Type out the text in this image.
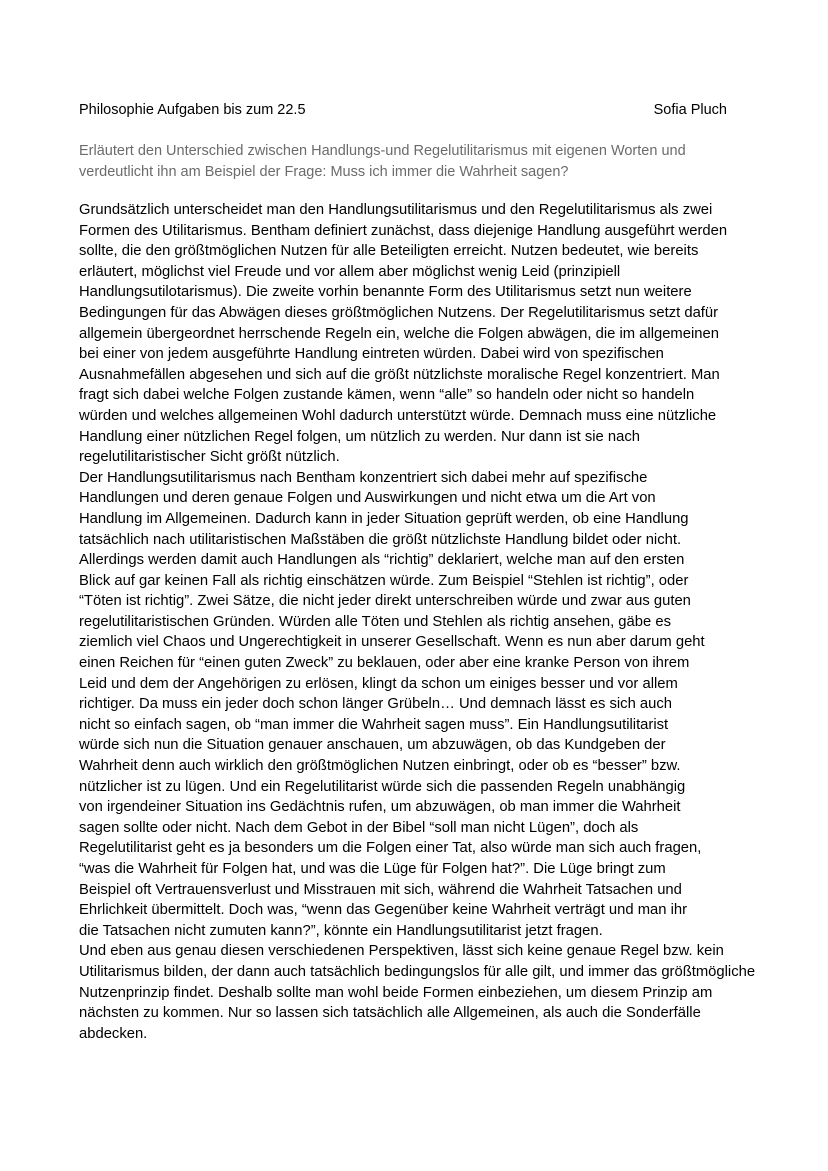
Philosophie Aufgaben bis zum 22.5	Sofia Pluch
Erläutert den Unterschied zwischen Handlungs-und Regelutilitarismus mit eigenen Worten und
verdeutlicht ihn am Beispiel der Frage: Muss ich immer die Wahrheit sagen?
Grundsätzlich unterscheidet man den Handlungsutilitarismus und den Regelutilitarismus als zwei
Formen des Utilitarismus. Bentham definiert zunächst, dass diejenige Handlung ausgeführt werden
sollte, die den größtmöglichen Nutzen für alle Beteiligten erreicht. Nutzen bedeutet, wie bereits
erläutert, möglichst viel Freude und vor allem aber möglichst wenig Leid (prinzipiell
Handlungsutilotarismus). Die zweite vorhin benannte Form des Utilitarismus setzt nun weitere
Bedingungen für das Abwägen dieses größtmöglichen Nutzens. Der Regelutilitarismus setzt dafür
allgemein übergeordnet herrschende Regeln ein, welche die Folgen abwägen, die im allgemeinen
bei einer von jedem ausgeführte Handlung eintreten würden. Dabei wird von spezifischen
Ausnahmefällen abgesehen und sich auf die größt nützlichste moralische Regel konzentriert. Man
fragt sich dabei welche Folgen zustande kämen, wenn “alle” so handeln oder nicht so handeln
würden und welches allgemeinen Wohl dadurch unterstützt würde. Demnach muss eine nützliche
Handlung einer nützlichen Regel folgen, um nützlich zu werden. Nur dann ist sie nach
regelutilitaristischer Sicht größt nützlich.
Der Handlungsutilitarismus nach Bentham konzentriert sich dabei mehr auf spezifische
Handlungen und deren genaue Folgen und Auswirkungen und nicht etwa um die Art von
Handlung im Allgemeinen. Dadurch kann in jeder Situation geprüft werden, ob eine Handlung
tatsächlich nach utilitaristischen Maßstäben die größt nützlichste Handlung bildet oder nicht.
Allerdings werden damit auch Handlungen als “richtig” deklariert, welche man auf den ersten
Blick auf gar keinen Fall als richtig einschätzen würde. Zum Beispiel “Stehlen ist richtig”, oder
“Töten ist richtig”. Zwei Sätze, die nicht jeder direkt unterschreiben würde und zwar aus guten
regelutilitaristischen Gründen. Würden alle Töten und Stehlen als richtig ansehen, gäbe es
ziemlich viel Chaos und Ungerechtigkeit in unserer Gesellschaft. Wenn es nun aber darum geht
einen Reichen für “einen guten Zweck” zu beklauen, oder aber eine kranke Person von ihrem
Leid und dem der Angehörigen zu erlösen, klingt da schon um einiges besser und vor allem
richtiger. Da muss ein jeder doch schon länger Grübeln… Und demnach lässt es sich auch
nicht so einfach sagen, ob “man immer die Wahrheit sagen muss”. Ein Handlungsutilitarist
würde sich nun die Situation genauer anschauen, um abzuwägen, ob das Kundgeben der
Wahrheit denn auch wirklich den größtmöglichen Nutzen einbringt, oder ob es “besser” bzw.
nützlicher ist zu lügen. Und ein Regelutilitarist würde sich die passenden Regeln unabhängig
von irgendeiner Situation ins Gedächtnis rufen, um abzuwägen, ob man immer die Wahrheit
sagen sollte oder nicht. Nach dem Gebot in der Bibel “soll man nicht Lügen”, doch als
Regelutilitarist geht es ja besonders um die Folgen einer Tat, also würde man sich auch fragen,
“was die Wahrheit für Folgen hat, und was die Lüge für Folgen hat?”. Die Lüge bringt zum
Beispiel oft Vertrauensverlust und Misstrauen mit sich, während die Wahrheit Tatsachen und
Ehrlichkeit übermittelt. Doch was, “wenn das Gegenüber keine Wahrheit verträgt und man ihr
die Tatsachen nicht zumuten kann?”, könnte ein Handlungsutilitarist jetzt fragen.
Und eben aus genau diesen verschiedenen Perspektiven, lässt sich keine genaue Regel bzw. kein
Utilitarismus bilden, der dann auch tatsächlich bedingungslos für alle gilt, und immer das größtmögliche
Nutzenprinzip findet. Deshalb sollte man wohl beide Formen einbeziehen, um diesem Prinzip am
nächsten zu kommen. Nur so lassen sich tatsächlich alle Allgemeinen, als auch die Sonderfälle
abdecken.
